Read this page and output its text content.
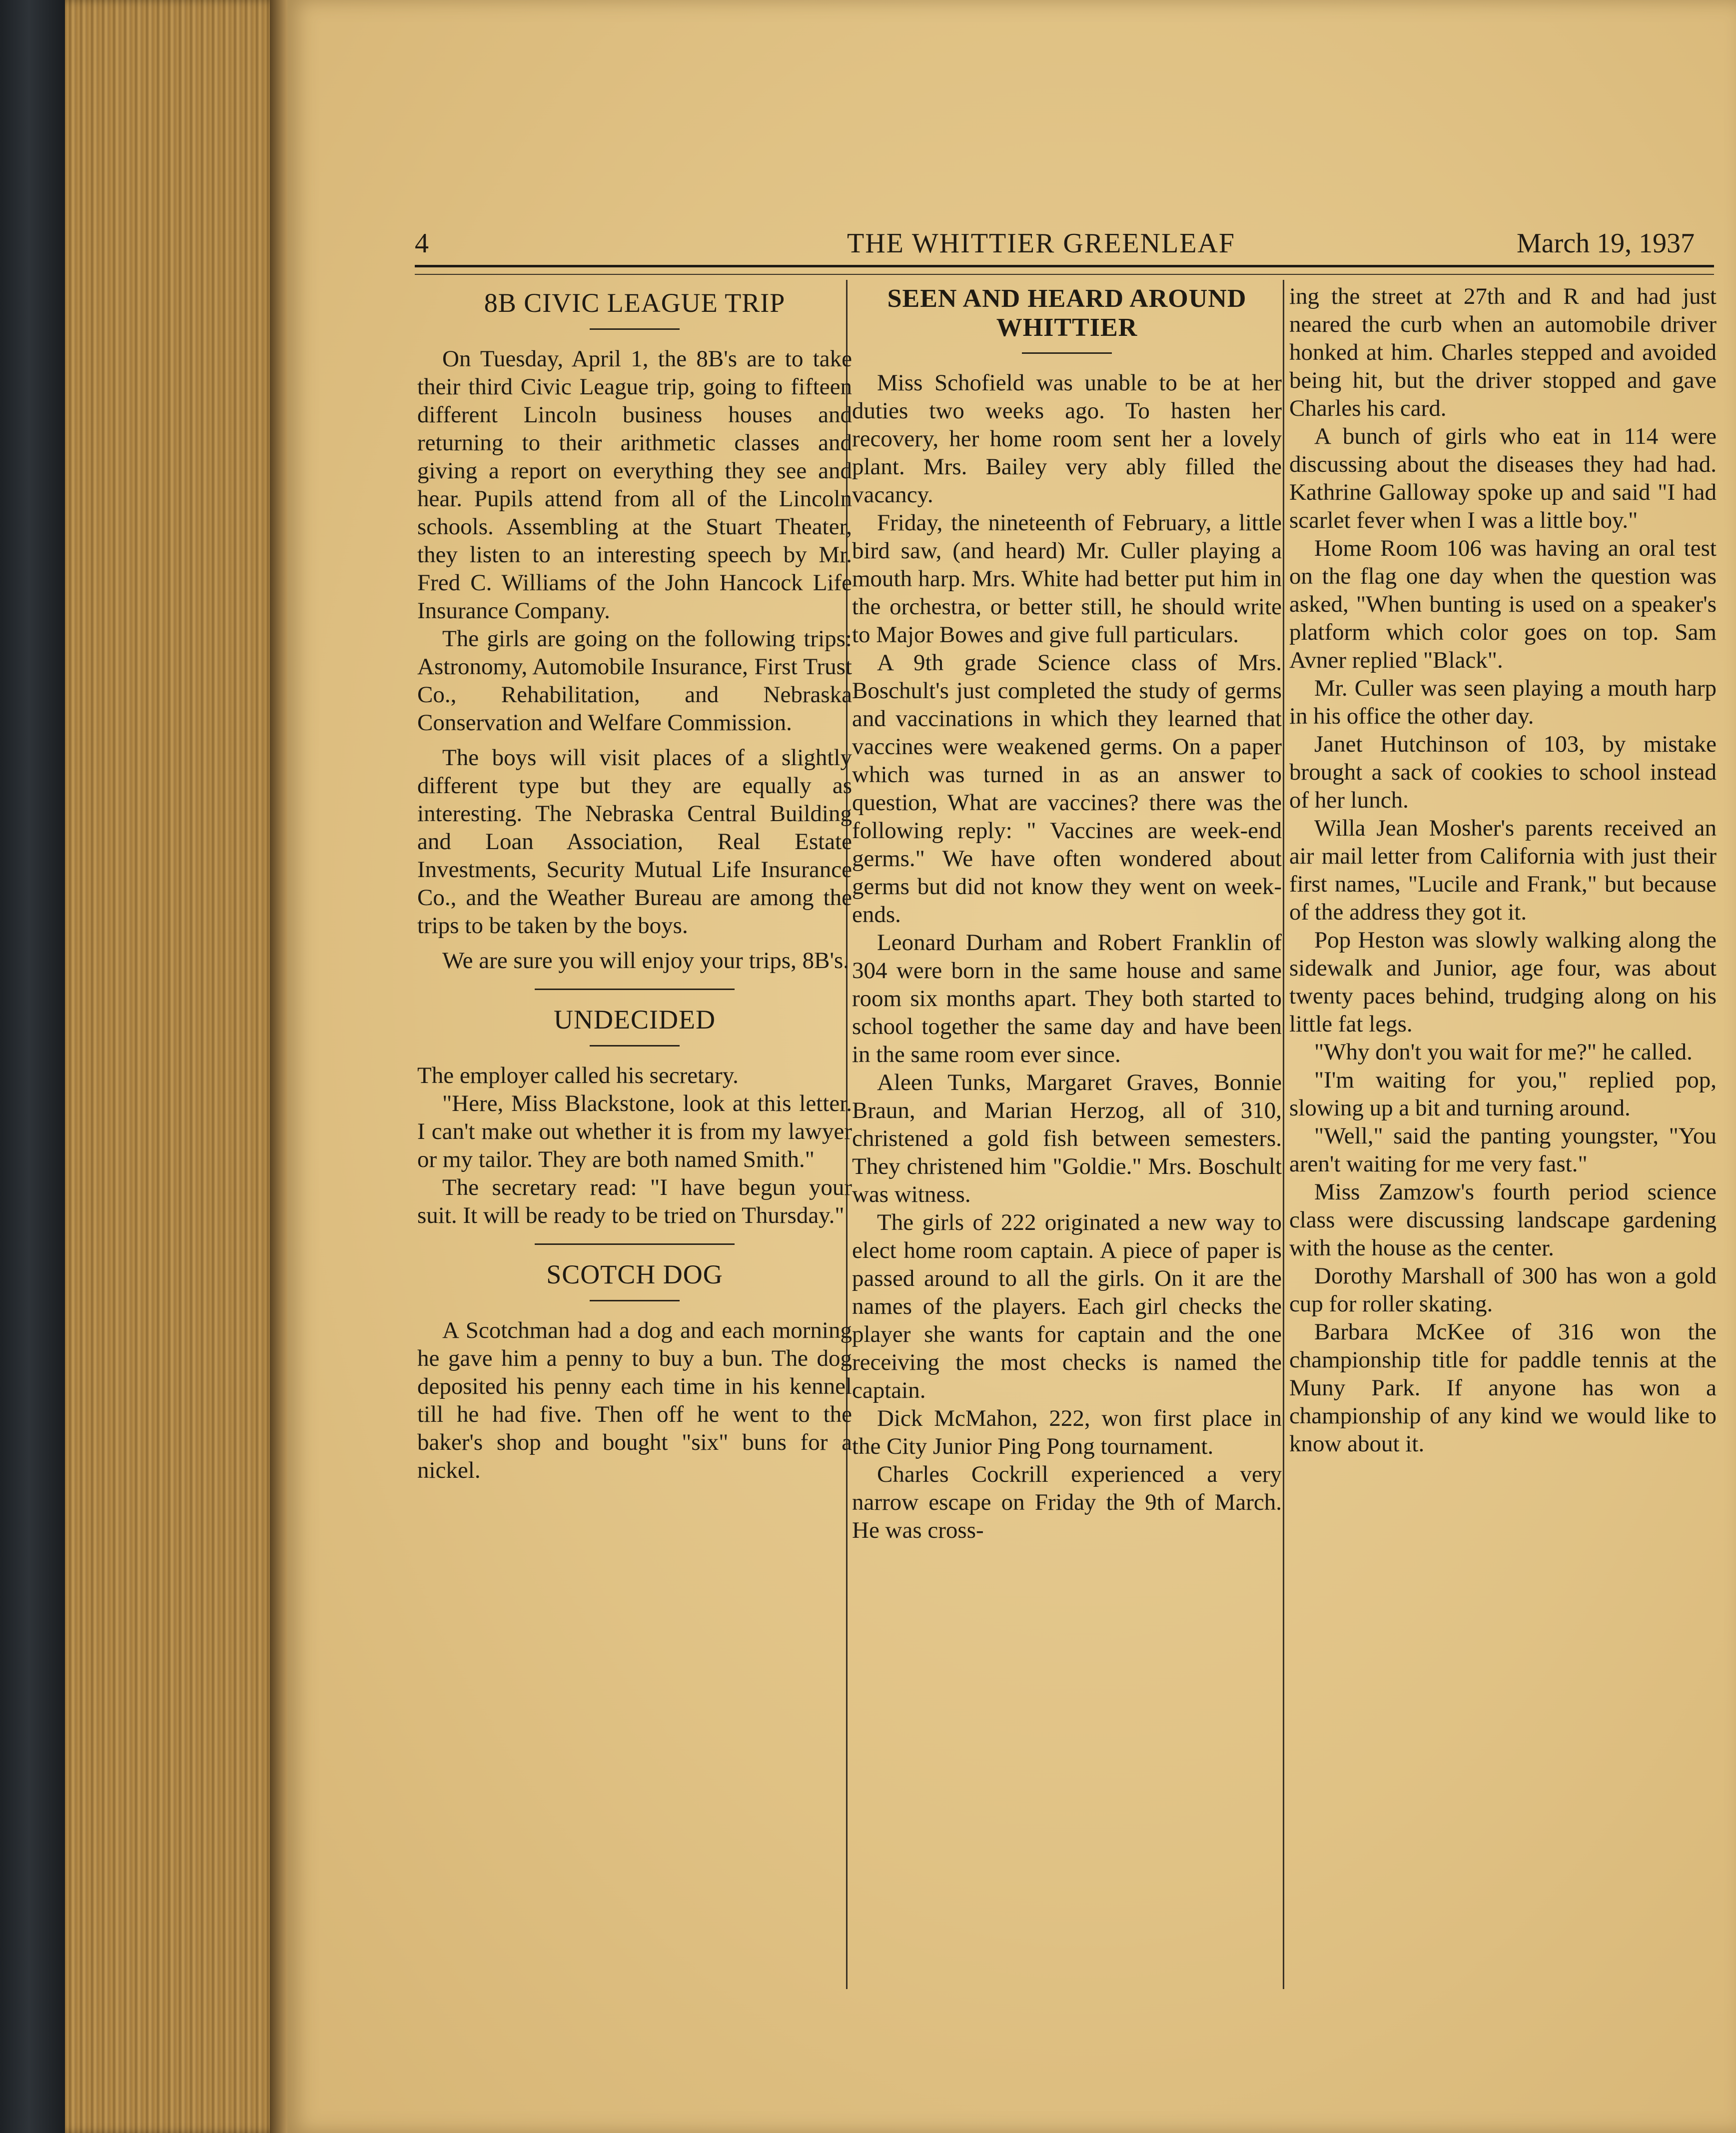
4	THE WHITTIER GREENLEAF	March 19, 1937
8B CIVIC LEAGUE TRIP

On Tuesday, April 1, the 8B's are to take their third Civic League trip, going to fifteen different Lincoln business houses and returning to their arithmetic classes and giving a report on everything they see and hear. Pupils attend from all of the Lincoln schools. Assembling at the Stuart Theater, they listen to an interesting speech by Mr. Fred C. Williams of the John Hancock Life Insurance Company.

The girls are going on the following trips: Astronomy, Automobile Insurance, First Trust Co., Rehabilitation, and Nebraska Conservation and Welfare Commission.

The boys will visit places of a slightly different type but they are equally as interesting. The Nebraska Central Building and Loan Association, Real Estate Investments, Security Mutual Life Insurance Co., and the Weather Bureau are among the trips to be taken by the boys.

We are sure you will enjoy your trips, 8B's.

UNDECIDED

The employer called his secretary.

"Here, Miss Blackstone, look at this letter. I can't make out whether it is from my lawyer or my tailor. They are both named Smith."

The secretary read: "I have begun your suit. It will be ready to be tried on Thursday."

SCOTCH DOG

A Scotchman had a dog and each morning he gave him a penny to buy a bun. The dog deposited his penny each time in his kennel till he had five. Then off he went to the baker's shop and bought "six" buns for a nickel.

SEEN AND HEARD AROUND
WHITTIER

Miss Schofield was unable to be at her duties two weeks ago. To hasten her recovery, her home room sent her a lovely plant. Mrs. Bailey very ably filled the vacancy.

Friday, the nineteenth of February, a little bird saw, (and heard) Mr. Culler playing a mouth harp. Mrs. White had better put him in the orchestra, or better still, he should write to Major Bowes and give full particulars.

A 9th grade Science class of Mrs. Boschult's just completed the study of germs and vaccinations in which they learned that vaccines were weakened germs. On a paper which was turned in as an answer to question, What are vaccines? there was the following reply: " Vaccines are week-end germs." We have often wondered about germs but did not know they went on week-ends.

Leonard Durham and Robert Franklin of 304 were born in the same house and same room six months apart. They both started to school together the same day and have been in the same room ever since.

Aleen Tunks, Margaret Graves, Bonnie Braun, and Marian Herzog, all of 310, christened a gold fish between semesters. They christened him "Goldie." Mrs. Boschult was witness.

The girls of 222 originated a new way to elect home room captain. A piece of paper is passed around to all the girls. On it are the names of the players. Each girl checks the player she wants for captain and the one receiving the most checks is named the captain.

Dick McMahon, 222, won first place in the City Junior Ping Pong tournament.

Charles Cockrill experienced a very narrow escape on Friday the 9th of March. He was cross-

ing the street at 27th and R and had just neared the curb when an automobile driver honked at him. Charles stepped and avoided being hit, but the driver stopped and gave Charles his card.

A bunch of girls who eat in 114 were discussing about the diseases they had had. Kathrine Galloway spoke up and said "I had scarlet fever when I was a little boy."

Home Room 106 was having an oral test on the flag one day when the question was asked, "When bunting is used on a speaker's platform which color goes on top. Sam Avner replied "Black".

Mr. Culler was seen playing a mouth harp in his office the other day.

Janet Hutchinson of 103, by mistake brought a sack of cookies to school instead of her lunch.

Willa Jean Mosher's parents received an air mail letter from California with just their first names, "Lucile and Frank," but because of the address they got it.

Pop Heston was slowly walking along the sidewalk and Junior, age four, was about twenty paces behind, trudging along on his little fat legs.

"Why don't you wait for me?" he called.

"I'm waiting for you," replied pop, slowing up a bit and turning around.

"Well," said the panting youngster, "You aren't waiting for me very fast."

Miss Zamzow's fourth period science class were discussing landscape gardening with the house as the center.

Dorothy Marshall of 300 has won a gold cup for roller skating.

Barbara McKee of 316 won the championship title for paddle tennis at the Muny Park. If anyone has won a championship of any kind we would like to know about it.
